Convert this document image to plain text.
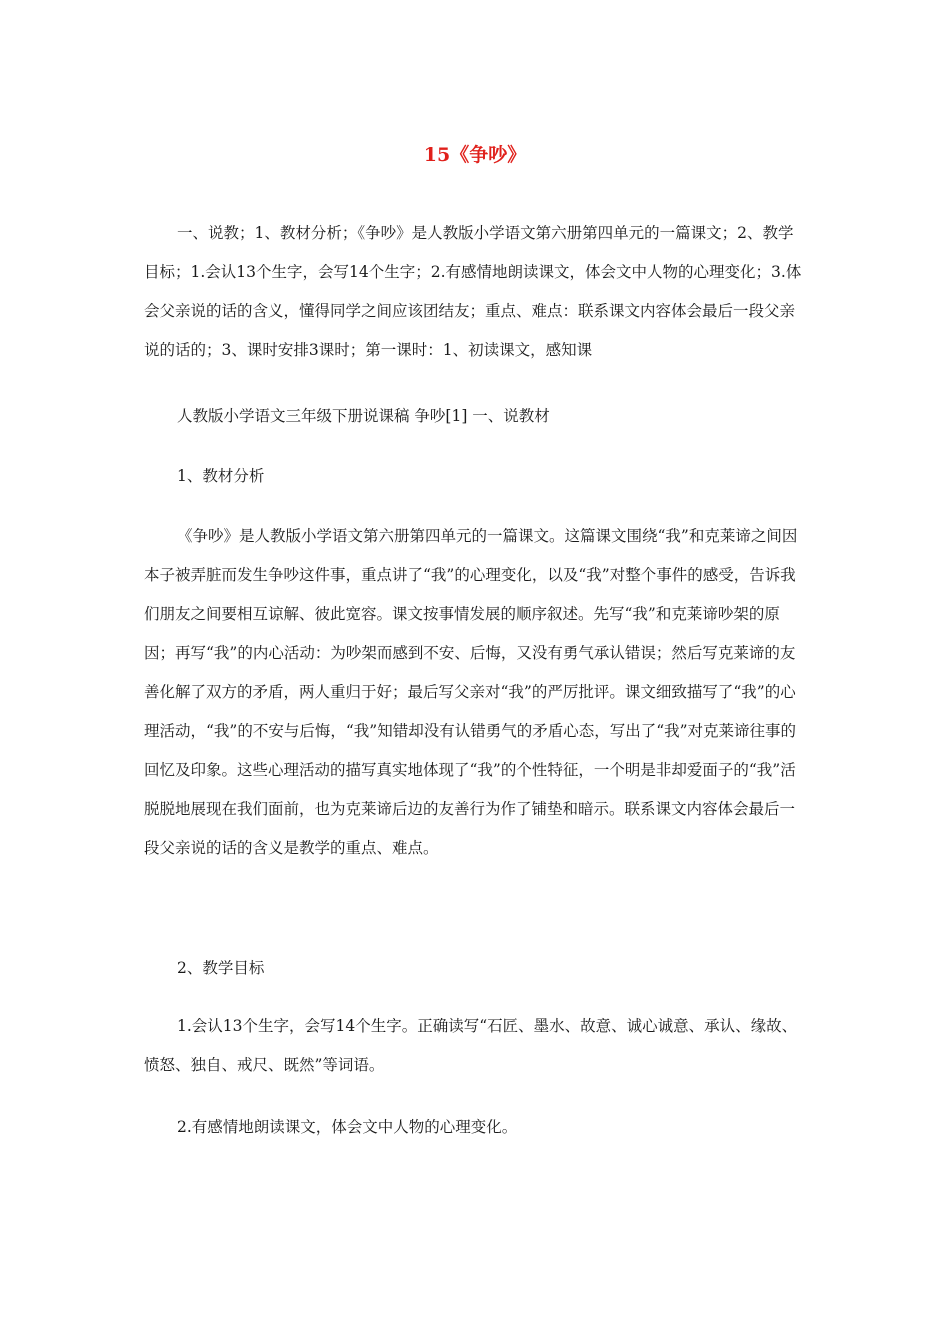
15《争吵》

一、说教；1、教材分析；《争吵》是人教版小学语文第六册第四单元的一篇课文；2、教学目标；1.会认13个生字，会写14个生字；2.有感情地朗读课文，体会文中人物的心理变化；3.体会父亲说的话的含义，懂得同学之间应该团结友；重点、难点：联系课文内容体会最后一段父亲说的话的；3、课时安排3课时；第一课时：1、初读课文，感知课

人教版小学语文三年级下册说课稿 争吵[1] 一、说教材

1、教材分析

《争吵》是人教版小学语文第六册第四单元的一篇课文。这篇课文围绕“我”和克莱谛之间因本子被弄脏而发生争吵这件事，重点讲了“我”的心理变化，以及“我”对整个事件的感受，告诉我们朋友之间要相互谅解、彼此宽容。课文按事情发展的顺序叙述。先写“我”和克莱谛吵架的原因；再写“我”的内心活动：为吵架而感到不安、后悔，又没有勇气承认错误；然后写克莱谛的友善化解了双方的矛盾，两人重归于好；最后写父亲对“我”的严厉批评。课文细致描写了“我”的心理活动，“我”的不安与后悔，“我”知错却没有认错勇气的矛盾心态，写出了“我”对克莱谛往事的回忆及印象。这些心理活动的描写真实地体现了“我”的个性特征，一个明是非却爱面子的“我”活脱脱地展现在我们面前，也为克莱谛后边的友善行为作了铺垫和暗示。联系课文内容体会最后一段父亲说的话的含义是教学的重点、难点。

2、教学目标

1.会认13个生字，会写14个生字。正确读写“石匠、墨水、故意、诚心诚意、承认、缘故、愤怒、独自、戒尺、既然”等词语。

2.有感情地朗读课文，体会文中人物的心理变化。
